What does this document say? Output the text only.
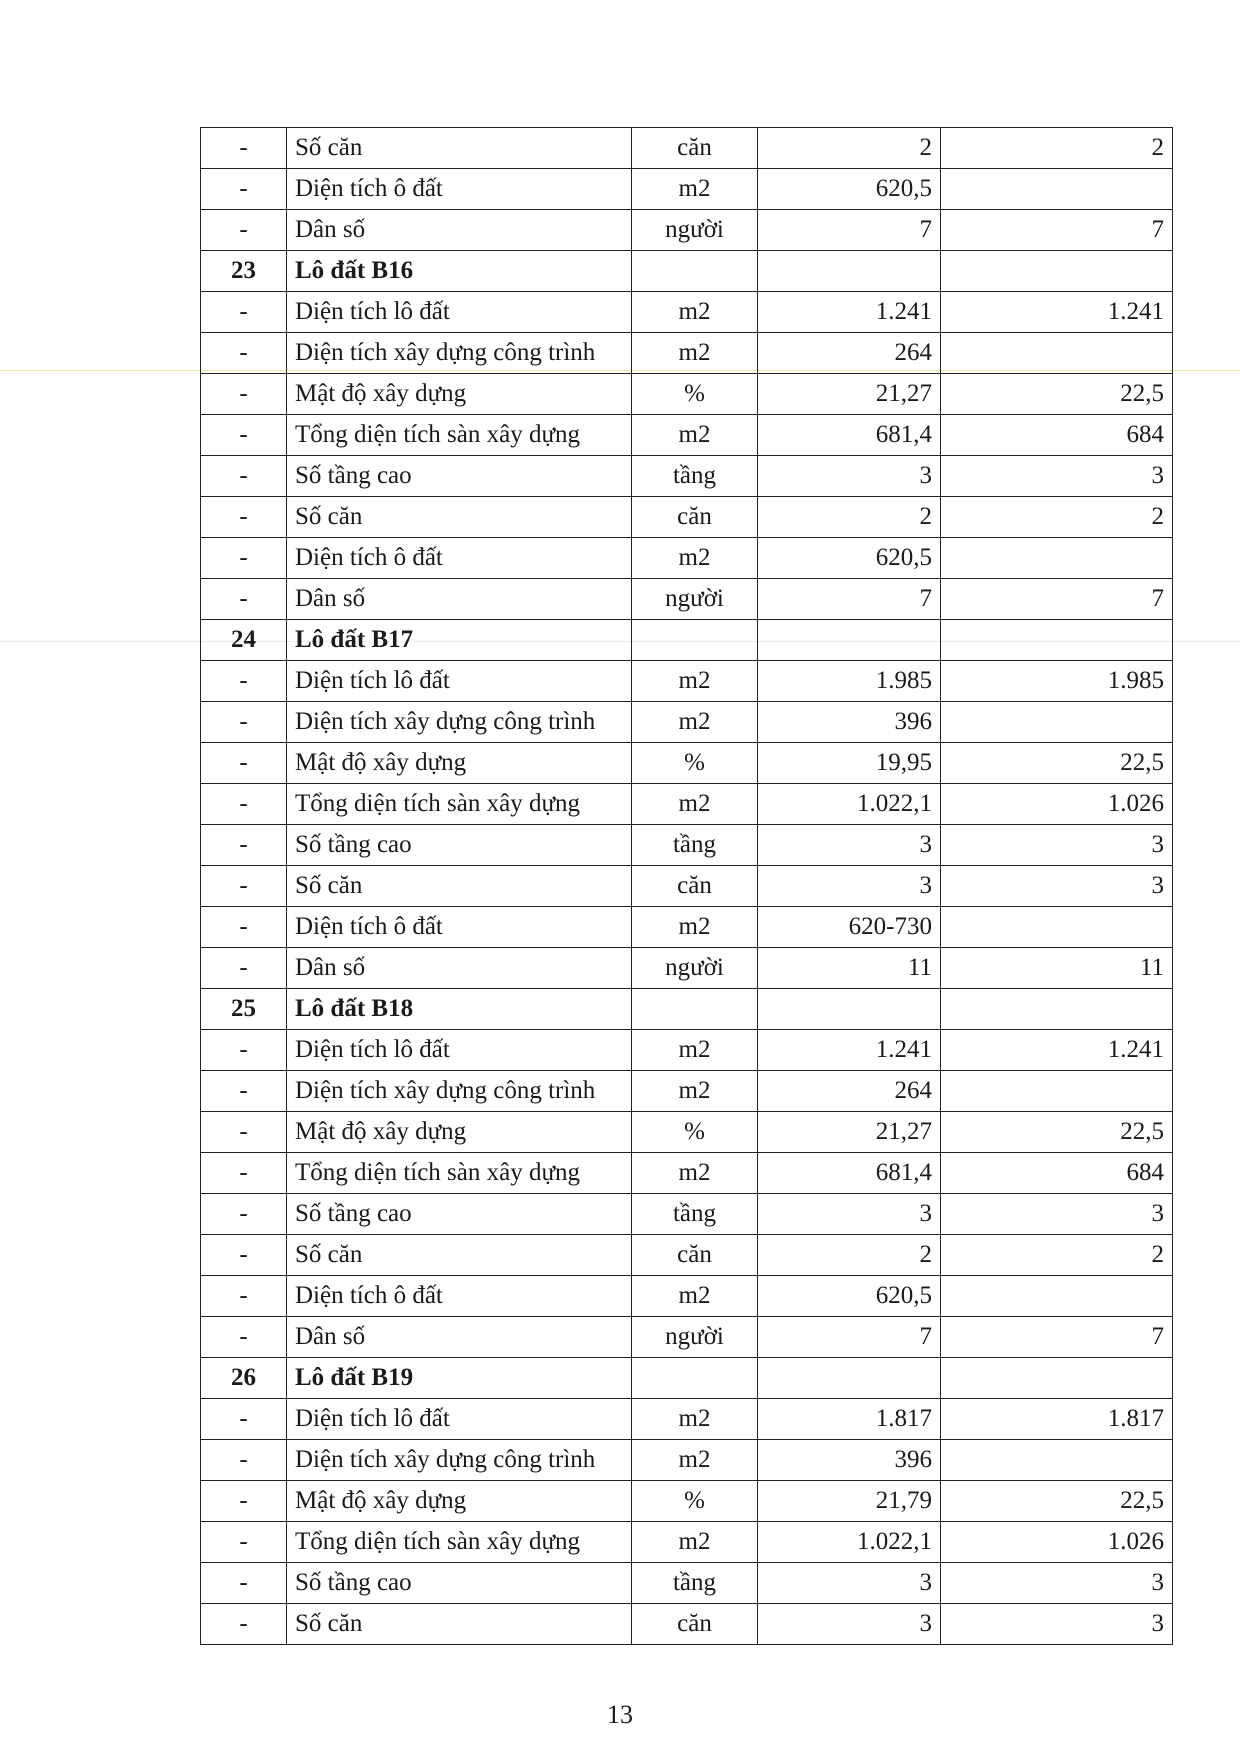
-	Số căn	căn	2	2
-	Diện tích ô đất	m2	620,5	
-	Dân số	người	7	7
23	Lô đất B16			
-	Diện tích lô đất	m2	1.241	1.241
-	Diện tích xây dựng công trình	m2	264	
-	Mật độ xây dựng	%	21,27	22,5
-	Tổng diện tích sàn xây dựng	m2	681,4	684
-	Số tầng cao	tầng	3	3
-	Số căn	căn	2	2
-	Diện tích ô đất	m2	620,5	
-	Dân số	người	7	7
24	Lô đất B17			
-	Diện tích lô đất	m2	1.985	1.985
-	Diện tích xây dựng công trình	m2	396	
-	Mật độ xây dựng	%	19,95	22,5
-	Tổng diện tích sàn xây dựng	m2	1.022,1	1.026
-	Số tầng cao	tầng	3	3
-	Số căn	căn	3	3
-	Diện tích ô đất	m2	620-730	
-	Dân số	người	11	11
25	Lô đất B18			
-	Diện tích lô đất	m2	1.241	1.241
-	Diện tích xây dựng công trình	m2	264	
-	Mật độ xây dựng	%	21,27	22,5
-	Tổng diện tích sàn xây dựng	m2	681,4	684
-	Số tầng cao	tầng	3	3
-	Số căn	căn	2	2
-	Diện tích ô đất	m2	620,5	
-	Dân số	người	7	7
26	Lô đất B19			
-	Diện tích lô đất	m2	1.817	1.817
-	Diện tích xây dựng công trình	m2	396	
-	Mật độ xây dựng	%	21,79	22,5
-	Tổng diện tích sàn xây dựng	m2	1.022,1	1.026
-	Số tầng cao	tầng	3	3
-	Số căn	căn	3	3
13
